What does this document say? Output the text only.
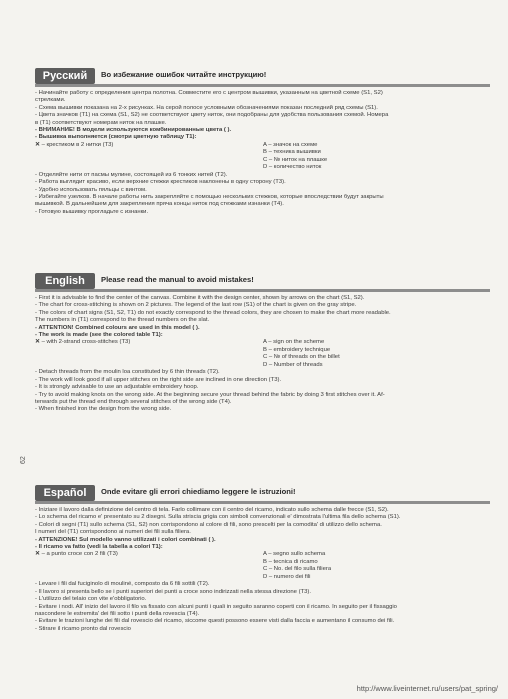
Русский	Во избежание ошибок читайте инструкцию!

- Начинайте работу с определения центра полотна. Совместите его с центром вышивки, указанным на цветной схеме (S1, S2)

стрелками.

- Схема вышивки показана на 2-х рисунках. На серой полосе условными обозначениями показан последний ряд схемы (S1).

- Цвета значков (T1) на схема (S1, S2) не соответствуют цвету ниток, они подобраны для удобства пользования схемой. Номера

в (T1) соответствуют номерам ниток на плашке.

- ВНИМАНИЕ! В модели используются комбинированные цвета ( ).

- Вышивка выполняется (смотри цветную таблицу T1):

✕ – крестиком в 2 нитки (T3)	A – значок на схеме

B – техника вышивки

C – № ниток на плашке

D – количество ниток

- Отделяйте нити от пасмы мулине, состоящей из 6 тонких нитей (T2).

- Работа выглядит красиво, если верхние стежки крестиков наклонены в одну сторону (T3).

- Удобно использовать пяльцы с винтом.

- Избегайте узелков. В начале работы нить закрепляйте с помощью нескольких стежков, которые впоследствии будут закрыты

вышивкой. В дальнейшем для закрепления пряча концы ниток под стежками изнанки (T4).

- Готовую вышивку прогладьте с изнанки.

English	Please read the manual to avoid mistakes!

- First it is advisable to find the center of the canvas. Combine it with the design center, shown by arrows on the chart (S1, S2).

- The chart for cross-stitching is shown on 2 pictures. The legend of the last row (S1) of the chart is given on the gray stripe.

- The colors of chart signs (S1, S2, T1) do not exactly correspond to the thread colors, they are chosen to make the chart more readable.

The numbers in (T1) correspond to the thread numbers on the slat.

- ATTENTION! Combined colours are used in this model ( ).

- The work is made (see the colored table T1):

✕ – with 2-strand cross-stitches (T3)	A – sign on the scheme

B – embroidery technique

C – № of threads on the billet

D – Number of threads

- Detach threads from the moulin loa constituted by 6 thin threads (T2).

- The work will look good if all upper stitches on the right side are inclined in one direction (T3).

- It is strongly advisable to use an adjustable embroidery hoop.

- Try to avoid making knots on the wrong side. At the beginning secure your thread behind the fabric by doing 3 first stitches over it. Af-

terwards put the thread end through several stitches of the wrong side (T4).

- When finished iron the design from the wrong side.

Español	Onde evitare gli errori chiediamo leggere le istruzioni!

- Iniziare il lavoro dalla definizione del centro di tela. Farlo collimare con il centro del ricamo, indicato sullo schema dalle frecce (S1, S2).

- Lo schema del ricamo e' presentato su 2 disegni. Sulla striscia grigia con simboli convenzionali e' dimostrata l'ultima fila dello schema (S1).

- Colori di segni (T1) sullo schema (S1, S2) non corrispondono al colore di fili, sono prescelti per la comodita' di utilizzo dello schema.

I numeri del (T1) corrispondono ai numeri dei fili sulla filiera.

- ATTENZIONE! Sul modello vanno utilizzati i colori combinati ( ).

- Il ricamo va fatto (vedi la tabella a colori T1):

✕ – a punto croce con 2 fili (T3)	A – segno sullo schema

B – tecnica di ricamo

C – No. del filo sulla filiera

D – numero dei fili

- Levare i fili dal fuciginolo di mouliné, composto da 6 fili sottili (T2).

- Il lavoro si presenta bello se i punti superiori dei punti a croce sono indirizzati nella stessa direzione (T3).

- L'utilizzo del telaio con vite e'obbligatorio.

- Evitare i nodi. All' inizio del lavoro il filo va fissato con alcuni punti i quali in seguito saranno coperti con il ricamo. In seguito per il fissaggio

nascondere le estremita' dei fili sotto i punti della rovescia (T4).

- Evitare le trazioni lunghe dei fili dal rovescio del ricamo, siccome questi possono essere visti dalla faccia e aumentano il consumo dei fili.

- Stirare il ricamo pronto dal rovescio

62
http://www.liveinternet.ru/users/pat_spring/
